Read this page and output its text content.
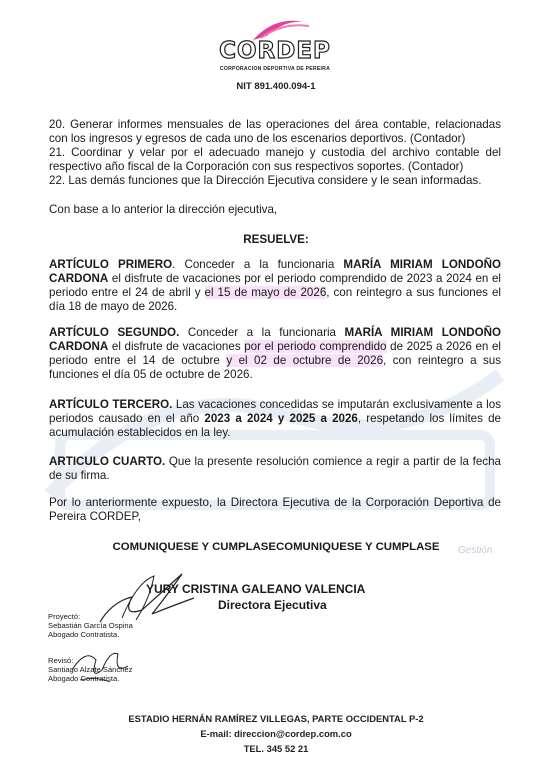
CORDEP
CORPORACION DEPORTIVA DE PEREIRA
NIT 891.400.094-1

20. Generar informes mensuales de las operaciones del área contable, relacionadas con los ingresos y egresos de cada uno de los escenarios deportivos. (Contador)

21. Coordinar y velar por el adecuado manejo y custodia del archivo contable del respectivo año fiscal de la Corporación con sus respectivos soportes. (Contador)

22. Las demás funciones que la Dirección Ejecutiva considere y le sean informadas.

Con base a lo anterior la dirección ejecutiva,

RESUELVE:

ARTÍCULO PRIMERO. Conceder a la funcionaria MARÍA MIRIAM LONDOÑO CARDONA el disfrute de vacaciones por el periodo comprendido de 2023 a 2024 en el periodo entre el 24 de abril y el 15 de mayo de 2026, con reintegro a sus funciones el día 18 de mayo de 2026.

ARTÍCULO SEGUNDO. Conceder a la funcionaria MARÍA MIRIAM LONDOÑO CARDONA el disfrute de vacaciones por el periodo comprendido de 2025 a 2026 en el periodo entre el 14 de octubre y el 02 de octubre de 2026, con reintegro a sus funciones el día 05 de octubre de 2026.

ARTÍCULO TERCERO. Las vacaciones concedidas se imputarán exclusivamente a los periodos causado en el año 2023 a 2024 y 2025 a 2026, respetando los límites de acumulación establecidos en la ley.

ARTICULO CUARTO. Que la presente resolución comience a regir a partir de la fecha de su firma.

Por lo anteriormente expuesto, la Directora Ejecutiva de la Corporación Deportiva de Pereira CORDEP,

COMUNIQUESE Y CUMPLASECOMUNIQUESE Y CUMPLASE	Gestión
YURY CRISTINA GALEANO VALENCIA
Directora Ejecutiva
Proyectó:
Sebastián García Ospina
Abogado Contratista.
Revisó:
Santiago Alzate Sánchez
Abogado Contratista.
ESTADIO HERNÁN RAMÍREZ VILLEGAS, PARTE OCCIDENTAL P-2
E-mail: direccion@cordep.com.co
TEL. 345 52 21
